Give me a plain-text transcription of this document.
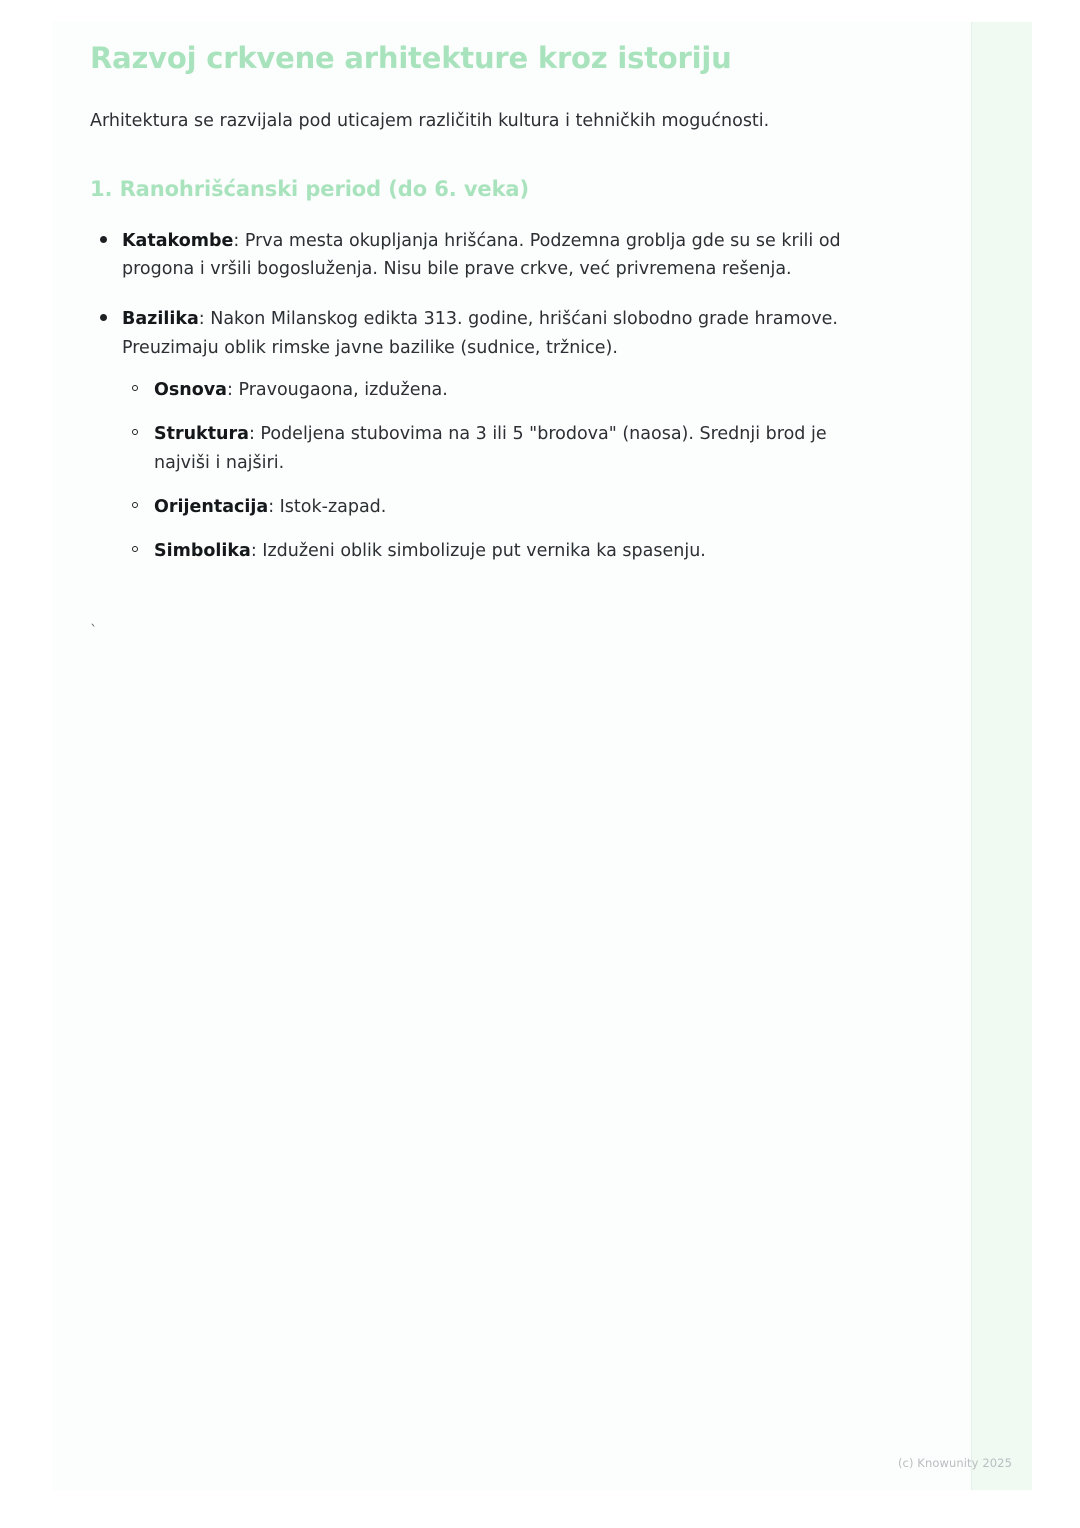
Razvoj crkvene arhitekture kroz istoriju

Arhitektura se razvijala pod uticajem različitih kultura i tehničkih mogućnosti.

1. Ranohrišćanski period (do 6. veka)
Katakombe: Prva mesta okupljanja hrišćana. Podzemna groblja gde su se krili od progona i vršili bogosluženja. Nisu bile prave crkve, već privremena rešenja.
Bazilika: Nakon Milanskog edikta 313. godine, hrišćani slobodno grade hramove. Preuzimaju oblik rimske javne bazilike (sudnice, tržnice).
Osnova: Pravougaona, izdužena.
Struktura: Podeljena stubovima na 3 ili 5 "brodova" (naosa). Srednji brod je najviši i najširi.
Orijentacija: Istok-zapad.
Simbolika: Izduženi oblik simbolizuje put vernika ka spasenju.
`
(c) Knowunity 2025
